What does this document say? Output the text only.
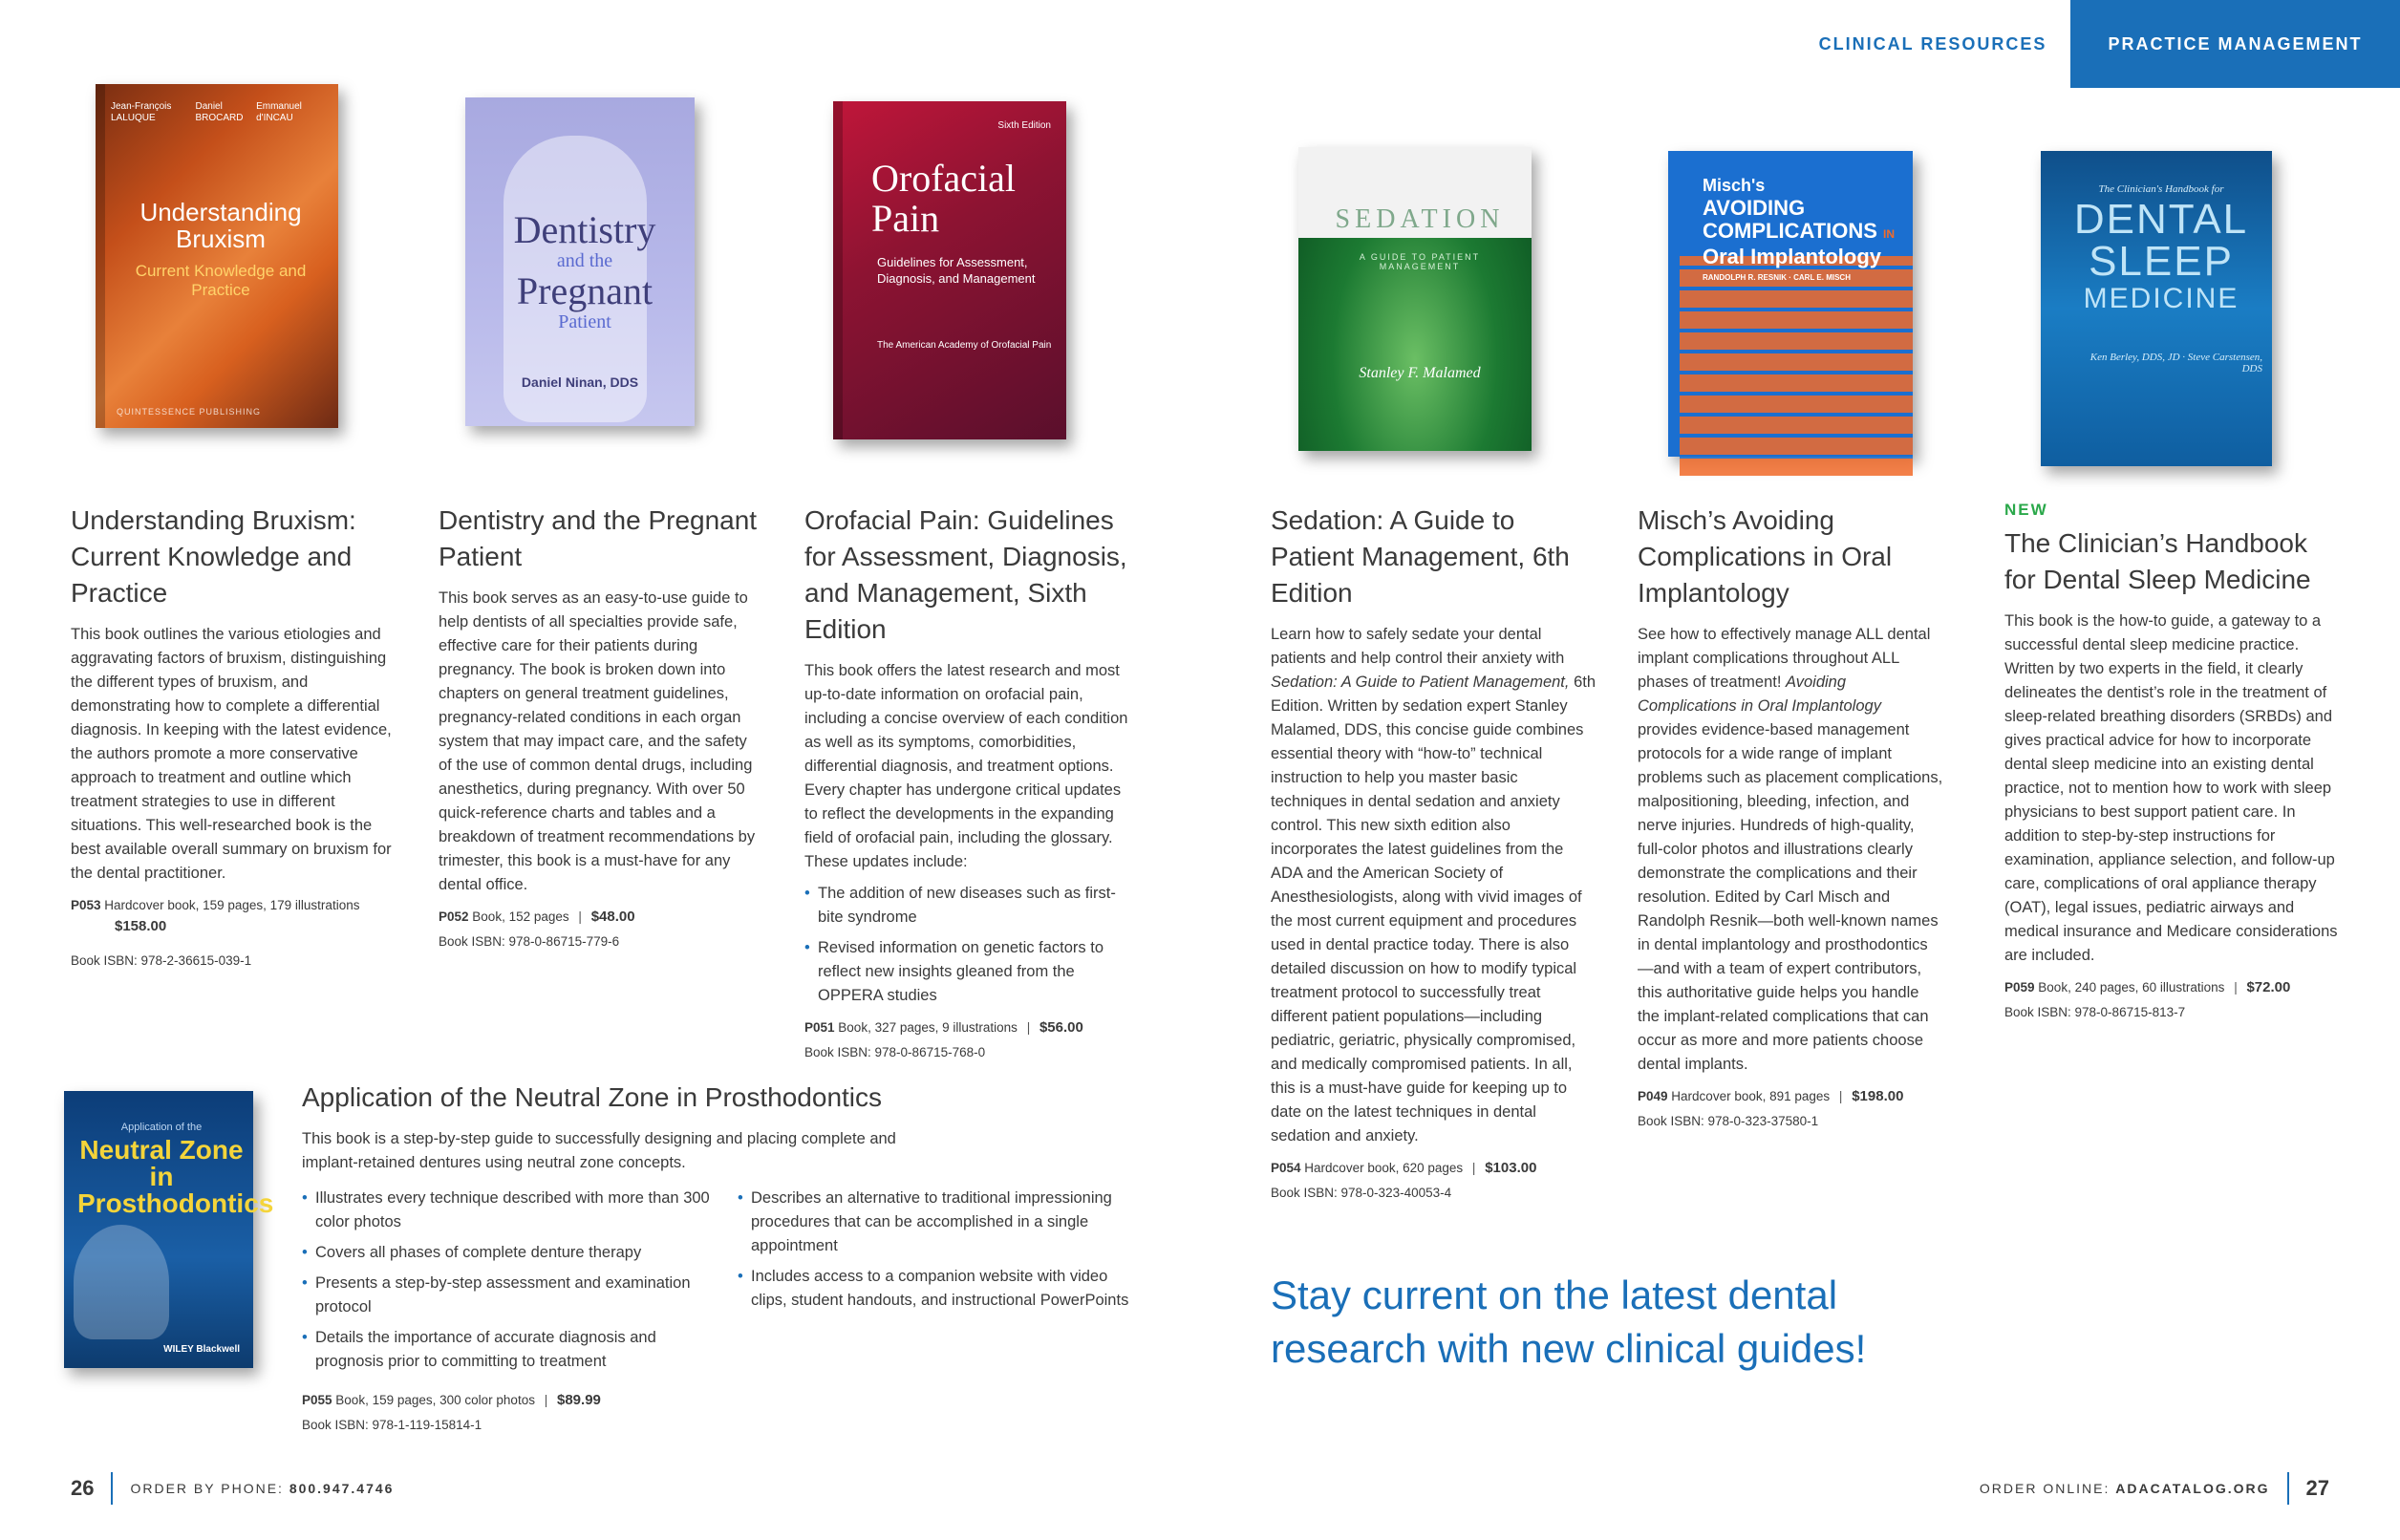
CLINICAL RESOURCES	PRACTICE MANAGEMENT
Jean-François LALUQUE
Daniel BROCARD
Emmanuel d'INCAU
Understanding Bruxism
Current Knowledge and Practice
QUINTESSENCE PUBLISHING
Dentistry
and the
Pregnant
Patient
Daniel Ninan, DDS
Sixth Edition
Orofacial Pain
Guidelines for Assessment, Diagnosis, and Management
The American Academy of Orofacial Pain
SEDATION
A GUIDE TO PATIENT MANAGEMENT
Stanley F. Malamed
Misch's
AVOIDING
COMPLICATIONS IN
Oral Implantology
RANDOLPH R. RESNIK · CARL E. MISCH
The Clinician's Handbook for
DENTAL
SLEEP
MEDICINE
Ken Berley, DDS, JD · Steve Carstensen, DDS
Application of the
Neutral Zone in Prosthodontics
WILEY Blackwell
Understanding Bruxism: Current Knowledge and Practice

This book outlines the various etiologies and aggravating factors of bruxism, distinguishing the different types of bruxism, and demonstrating how to complete a differential diagnosis. In keeping with the latest evidence, the authors promote a more conservative approach to treatment and outline which treatment strategies to use in different situations. This well-researched book is the best available overall summary on bruxism for the dental practitioner.

P053 Hardcover book, 159 pages, 179 illustrations
$158.00
Book ISBN: 978-2-36615-039-1
Dentistry and the Pregnant Patient

This book serves as an easy-to-use guide to help dentists of all specialties provide safe, effective care for their patients during pregnancy. The book is broken down into chapters on general treatment guidelines, pregnancy-related conditions in each organ system that may impact care, and the safety of the use of common dental drugs, including anesthetics, during pregnancy. With over 50 quick-reference charts and tables and a breakdown of treatment recommendations by trimester, this book is a must-have for any dental office.

P052 Book, 152 pages | $48.00
Book ISBN: 978-0-86715-779-6
Orofacial Pain: Guidelines for Assessment, Diagnosis, and Management, Sixth Edition

This book offers the latest research and most up-to-date information on orofacial pain, including a concise overview of each condition as well as its symptoms, comorbidities, differential diagnosis, and treatment options. Every chapter has undergone critical updates to reflect the developments in the expanding field of orofacial pain, including the glossary. These updates include:

• The addition of new diseases such as first-bite syndrome
• Revised information on genetic factors to reflect new insights gleaned from the OPPERA studies
P051 Book, 327 pages, 9 illustrations | $56.00
Book ISBN: 978-0-86715-768-0
Sedation: A Guide to Patient Management, 6th Edition

Learn how to safely sedate your dental patients and help control their anxiety with Sedation: A Guide to Patient Management, 6th Edition. Written by sedation expert Stanley Malamed, DDS, this concise guide combines essential theory with “how-to” technical instruction to help you master basic techniques in dental sedation and anxiety control. This new sixth edition also incorporates the latest guidelines from the ADA and the American Society of Anesthesiologists, along with vivid images of the most current equipment and procedures used in dental practice today. There is also detailed discussion on how to modify typical treatment protocol to successfully treat different patient populations—including pediatric, geriatric, physically compromised, and medically compromised patients. In all, this is a must-have guide for keeping up to date on the latest techniques in dental sedation and anxiety.

P054 Hardcover book, 620 pages | $103.00
Book ISBN: 978-0-323-40053-4
Misch’s Avoiding Complications in Oral Implantology

See how to effectively manage ALL dental implant complications throughout ALL phases of treatment! Avoiding Complications in Oral Implantology provides evidence-based management protocols for a wide range of implant problems such as placement complications, malpositioning, bleeding, infection, and nerve injuries. Hundreds of high-quality, full-color photos and illustrations clearly demonstrate the complications and their resolution. Edited by Carl Misch and Randolph Resnik—both well-known names in dental implantology and prosthodontics—and with a team of expert contributors, this authoritative guide helps you handle the implant-related complications that can occur as more and more patients choose dental implants.

P049 Hardcover book, 891 pages | $198.00
Book ISBN: 978-0-323-37580-1
NEW
The Clinician’s Handbook for Dental Sleep Medicine

This book is the how-to guide, a gateway to a successful dental sleep medicine practice. Written by two experts in the field, it clearly delineates the dentist’s role in the treatment of sleep-related breathing disorders (SRBDs) and gives practical advice for how to incorporate dental sleep medicine into an existing dental practice, not to mention how to work with sleep physicians to best support patient care. In addition to step-by-step instructions for examination, appliance selection, and follow-up care, complications of oral appliance therapy (OAT), legal issues, pediatric airways and medical insurance and Medicare considerations are included.

P059 Book, 240 pages, 60 illustrations | $72.00
Book ISBN: 978-0-86715-813-7
Application of the Neutral Zone in Prosthodontics

This book is a step-by-step guide to successfully designing and placing complete and implant-retained dentures using neutral zone concepts.

• Illustrates every technique described with more than 300 color photos
• Covers all phases of complete denture therapy
• Presents a step-by-step assessment and examination protocol
• Details the importance of accurate diagnosis and prognosis prior to committing to treatment
• Describes an alternative to traditional impressioning procedures that can be accomplished in a single appointment
• Includes access to a companion website with video clips, student handouts, and instructional PowerPoints
P055 Book, 159 pages, 300 color photos | $89.99
Book ISBN: 978-1-119-15814-1
Stay current on the latest dental research with new clinical guides!
26	ORDER BY PHONE: 800.947.4746	ORDER ONLINE: ADACATALOG.ORG 27
